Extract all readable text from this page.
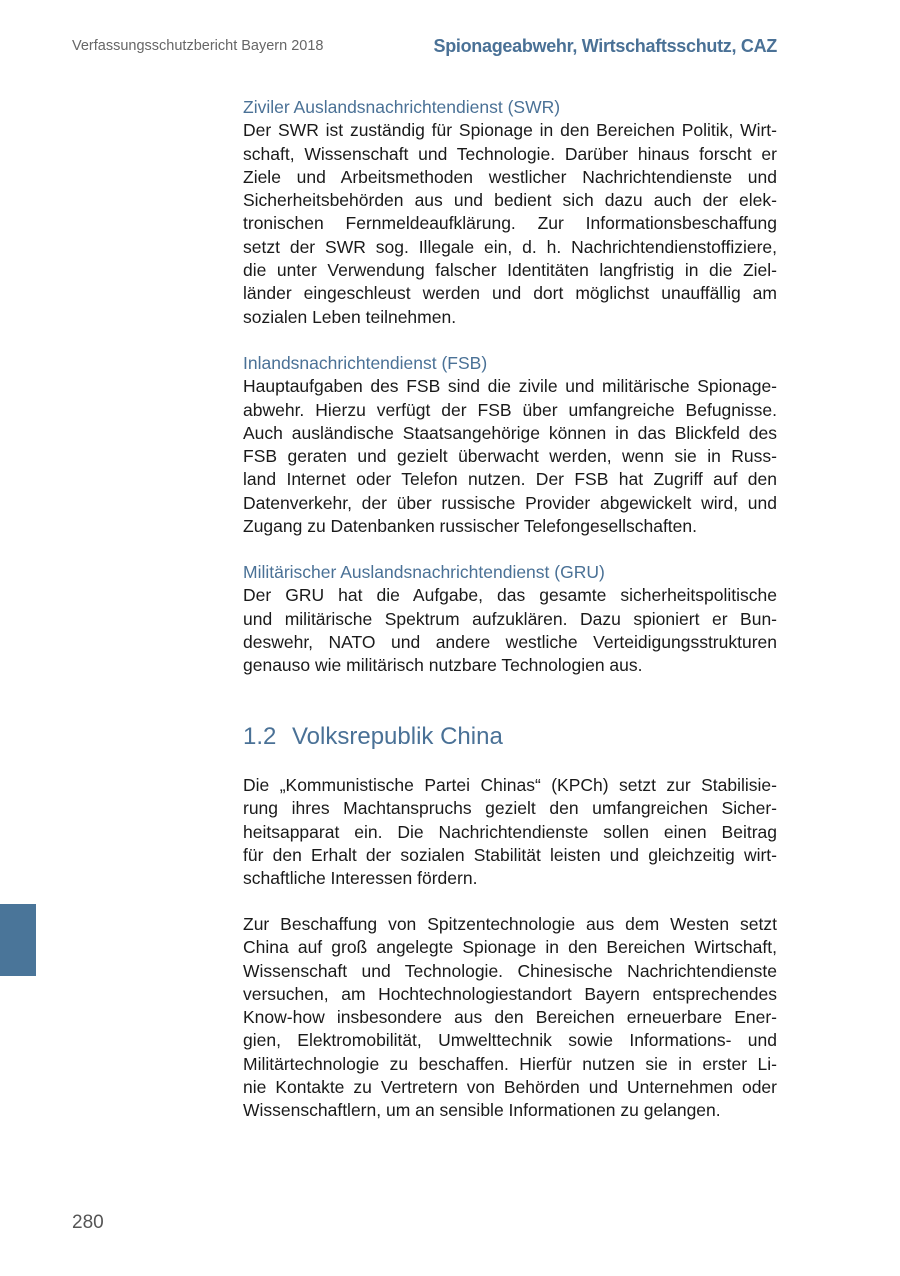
Verfassungsschutzbericht Bayern 2018	Spionageabwehr, Wirtschaftsschutz, CAZ
Ziviler Auslandsnachrichtendienst (SWR)
Der SWR ist zuständig für Spionage in den Bereichen Politik, Wirt-
schaft, Wissenschaft und Technologie. Darüber hinaus forscht er
Ziele und Arbeitsmethoden westlicher Nachrichtendienste und
Sicherheitsbehörden aus und bedient sich dazu auch der elek-
tronischen Fernmeldeaufklärung. Zur Informationsbeschaffung
setzt der SWR sog. Illegale ein, d. h. Nachrichtendienstoffiziere,
die unter Verwendung falscher Identitäten langfristig in die Ziel-
länder eingeschleust werden und dort möglichst unauffällig am
sozialen Leben teilnehmen.
Inlandsnachrichtendienst (FSB)
Hauptaufgaben des FSB sind die zivile und militärische Spionage-
abwehr. Hierzu verfügt der FSB über umfangreiche Befugnisse.
Auch ausländische Staatsangehörige können in das Blickfeld des
FSB geraten und gezielt überwacht werden, wenn sie in Russ-
land Internet oder Telefon nutzen. Der FSB hat Zugriff auf den
Datenverkehr, der über russische Provider abgewickelt wird, und
Zugang zu Datenbanken russischer Telefongesellschaften.
Militärischer Auslandsnachrichtendienst (GRU)
Der GRU hat die Aufgabe, das gesamte sicherheitspolitische
und militärische Spektrum aufzuklären. Dazu spioniert er Bun-
deswehr, NATO und andere westliche Verteidigungsstrukturen
genauso wie militärisch nutzbare Technologien aus.
1.2 Volksrepublik China
Die „Kommunistische Partei Chinas“ (KPCh) setzt zur Stabilisie-
rung ihres Machtanspruchs gezielt den umfangreichen Sicher-
heitsapparat ein. Die Nachrichtendienste sollen einen Beitrag
für den Erhalt der sozialen Stabilität leisten und gleichzeitig wirt-
schaftliche Interessen fördern.
Zur Beschaffung von Spitzentechnologie aus dem Westen setzt
China auf groß angelegte Spionage in den Bereichen Wirtschaft,
Wissenschaft und Technologie. Chinesische Nachrichtendienste
versuchen, am Hochtechnologiestandort Bayern entsprechendes
Know-how insbesondere aus den Bereichen erneuerbare Ener-
gien, Elektromobilität, Umwelttechnik sowie Informations- und
Militärtechnologie zu beschaffen. Hierfür nutzen sie in erster Li-
nie Kontakte zu Vertretern von Behörden und Unternehmen oder
Wissenschaftlern, um an sensible Informationen zu gelangen.
280
